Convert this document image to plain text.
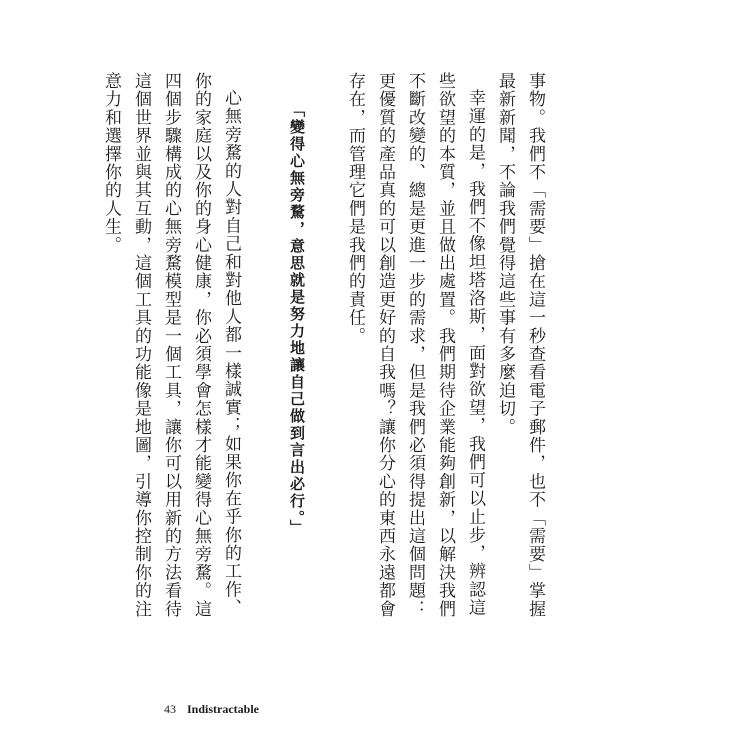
事物。我們不「需要」搶在這一秒查看電子郵件，也不「需要」掌握最新新聞，不論我們覺得這些事有多麼迫切。

幸運的是，我們不像坦塔洛斯，面對欲望，我們可以止步，辨認這些欲望的本質，並且做出處置。我們期待企業能夠創新，以解決我們不斷改變的、總是更進一步的需求，但是我們必須得提出這個問題：更優質的產品真的可以創造更好的自我嗎？讓你分心的東西永遠都會存在，而管理它們是我們的責任。

「變得心無旁騖，意思就是努力地讓自己做到言出必行。」

心無旁騖的人對自己和對他人都一樣誠實；如果你在乎你的工作、你的家庭以及你的身心健康，你必須學會怎樣才能變得心無旁騖。這四個步驟構成的心無旁騖模型是一個工具，讓你可以用新的方法看待這個世界並與其互動，這個工具的功能像是地圖，引導你控制你的注意力和選擇你的人生。

43 Indistractable
